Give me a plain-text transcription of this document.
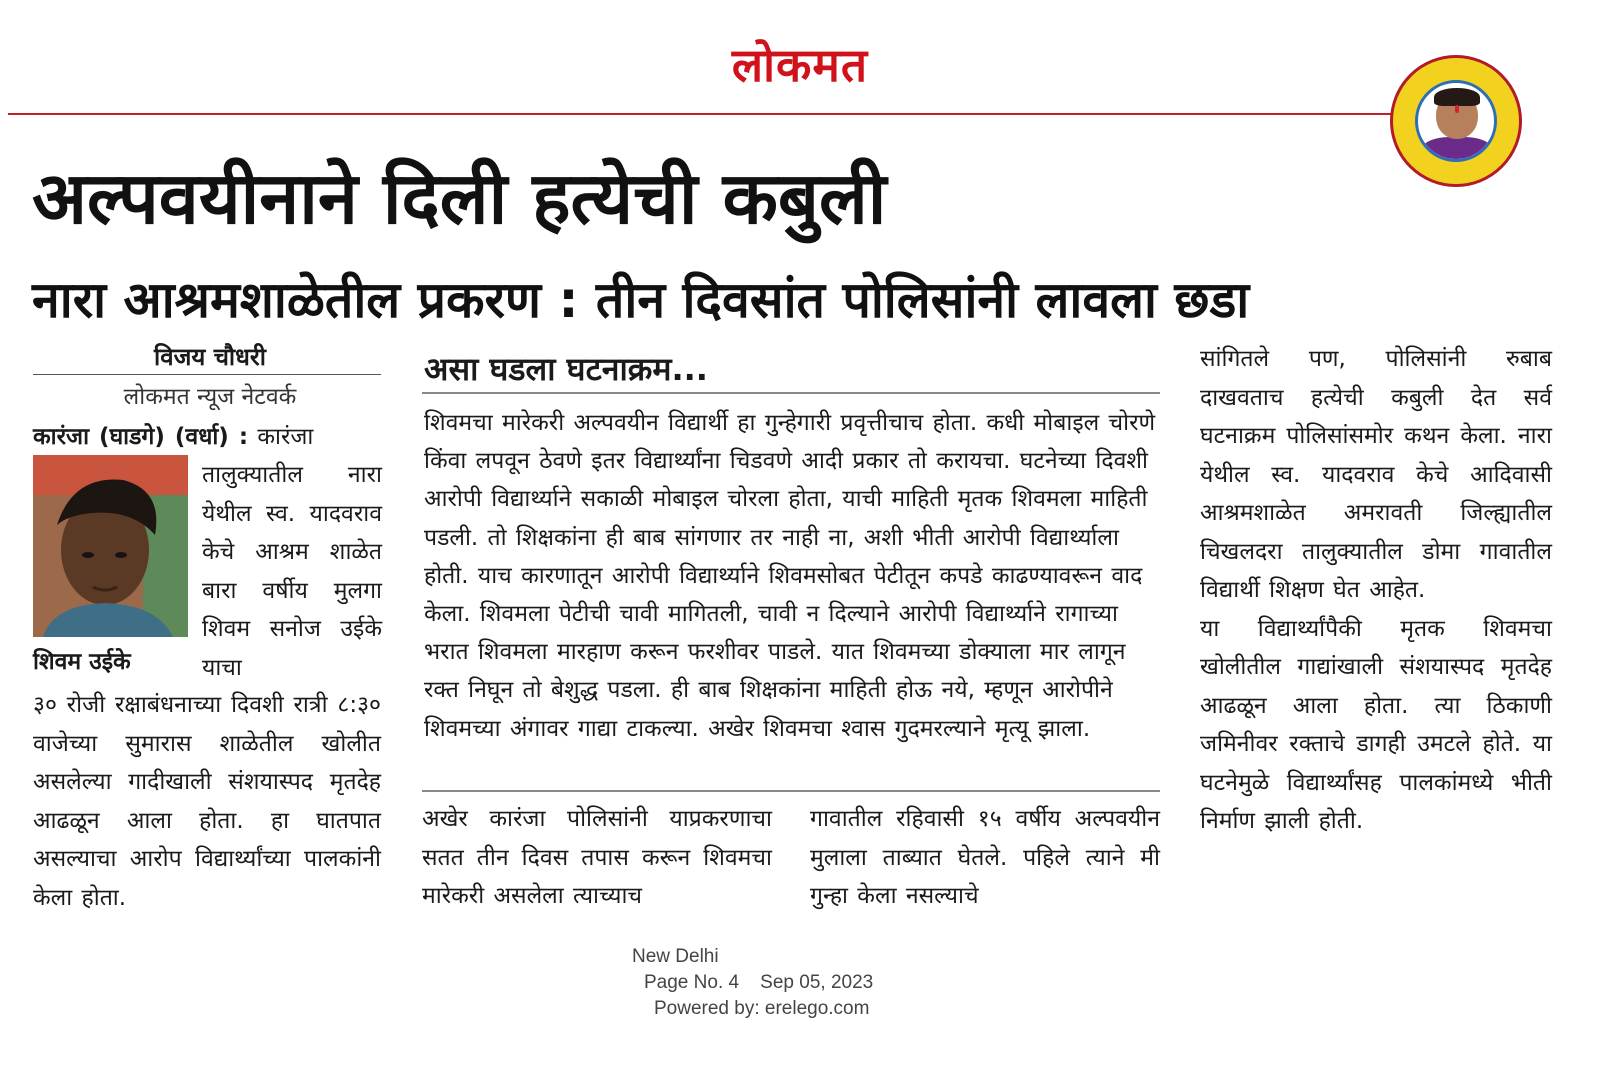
लोकमत
अल्पवयीनाने दिली हत्येची कबुली
नारा आश्रमशाळेतील प्रकरण : तीन दिवसांत पोलिसांनी लावला छडा
विजय चौधरी
लोकमत न्यूज नेटवर्क
कारंजा (घाडगे) (वर्धा) : कारंजा
शिवम उईके
तालुक्यातील नारा येथील स्व. यादवराव केचे आश्रम शाळेत बारा वर्षीय मुलगा शिवम सनोज उईके याचा
३० रोजी रक्षाबंधनाच्या दिवशी रात्री ८:३० वाजेच्या सुमारास शाळेतील खोलीत असलेल्या गादीखाली संशयास्पद मृतदेह आढळून आला होता. हा घातपात असल्याचा आरोप विद्यार्थ्यांच्या पालकांनी केला होता.
असा घडला घटनाक्रम...
शिवमचा मारेकरी अल्पवयीन विद्यार्थी हा गुन्हेगारी प्रवृत्तीचाच होता. कधी मोबाइल चोरणे किंवा लपवून ठेवणे इतर विद्यार्थ्यांना चिडवणे आदी प्रकार तो करायचा. घटनेच्या दिवशी आरोपी विद्यार्थ्याने सकाळी मोबाइल चोरला होता, याची माहिती मृतक शिवमला माहिती पडली. तो शिक्षकांना ही बाब सांगणार तर नाही ना, अशी भीती आरोपी विद्यार्थ्याला होती. याच कारणातून आरोपी विद्यार्थ्याने शिवमसोबत पेटीतून कपडे काढण्यावरून वाद केला. शिवमला पेटीची चावी मागितली, चावी न दिल्याने आरोपी विद्यार्थ्याने रागाच्या भरात शिवमला मारहाण करून फरशीवर पाडले. यात शिवमच्या डोक्याला मार लागून रक्त निघून तो बेशुद्ध पडला. ही बाब शिक्षकांना माहिती होऊ नये, म्हणून आरोपीने शिवमच्या अंगावर गाद्या टाकल्या. अखेर शिवमचा श्वास गुदमरल्याने मृत्यू झाला.
अखेर कारंजा पोलिसांनी याप्रकरणाचा सतत तीन दिवस तपास करून शिवमचा मारेकरी असलेला त्याच्याच
गावातील रहिवासी १५ वर्षीय अल्पवयीन मुलाला ताब्यात घेतले. पहिले त्याने मी गुन्हा केला नसल्याचे

सांगितले पण, पोलिसांनी रुबाब दाखवताच हत्येची कबुली देत सर्व घटनाक्रम पोलिसांसमोर कथन केला. नारा येथील स्व. यादवराव केचे आदिवासी आश्रमशाळेत अमरावती जिल्ह्यातील चिखलदरा तालुक्यातील डोमा गावातील विद्यार्थी शिक्षण घेत आहेत.

या विद्यार्थ्यांपैकी मृतक शिवमचा खोलीतील गाद्यांखाली संशयास्पद मृतदेह आढळून आला होता. त्या ठिकाणी जमिनीवर रक्ताचे डागही उमटले होते. या घटनेमुळे विद्यार्थ्यांसह पालकांमध्ये भीती निर्माण झाली होती.

New Delhi
Page No. 4    Sep 05, 2023
Powered by: erelego.com
